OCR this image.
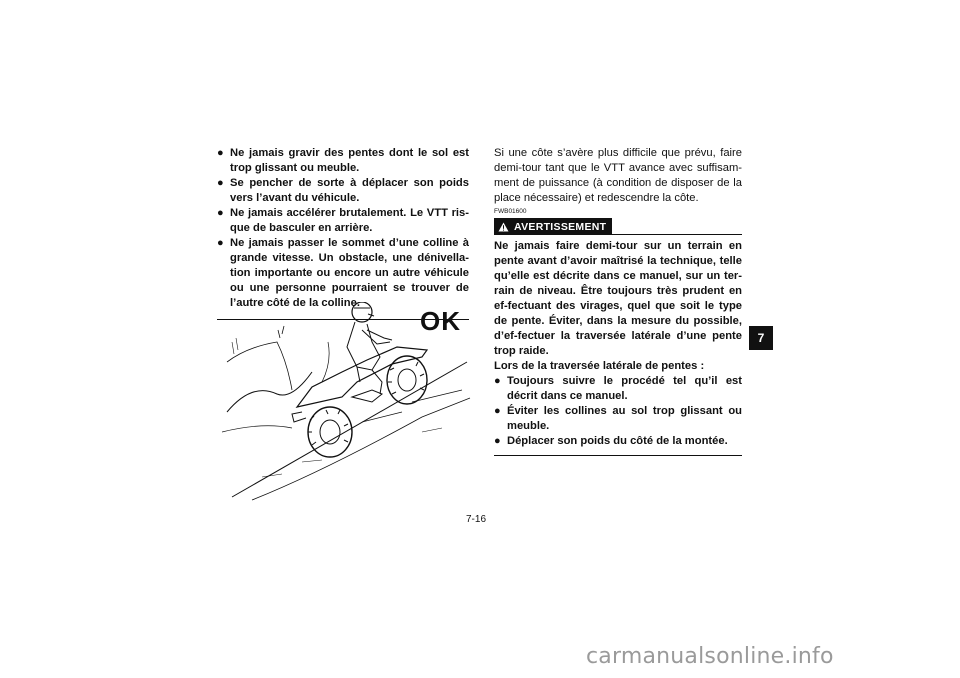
● Ne jamais gravir des pentes dont le sol est trop glissant ou meuble.
● Se pencher de sorte à déplacer son poids vers l’avant du véhicule.
● Ne jamais accélérer brutalement. Le VTT ris-que de basculer en arrière.
● Ne jamais passer le sommet d’une colline à grande vitesse. Un obstacle, une dénivella-tion importante ou encore un autre véhicule ou une personne pourraient se trouver de l’autre côté de la colline.
OK

Si une côte s’avère plus difficile que prévu, faire demi-tour tant que le VTT avance avec suffisam-ment de puissance (à condition de disposer de la place nécessaire) et redescendre la côte.

FWB01600
AVERTISSEMENT

Ne jamais faire demi-tour sur un terrain en pente avant d’avoir maîtrisé la technique, telle qu’elle est décrite dans ce manuel, sur un ter-rain de niveau. Être toujours très prudent en ef-fectuant des virages, quel que soit le type de pente. Éviter, dans la mesure du possible, d’ef-fectuer la traversée latérale d’une pente trop raide.

Lors de la traversée latérale de pentes :

● Toujours suivre le procédé tel qu’il est décrit dans ce manuel.
● Éviter les collines au sol trop glissant ou meuble.
● Déplacer son poids du côté de la montée.
7
7-16
carmanualsonline.info
